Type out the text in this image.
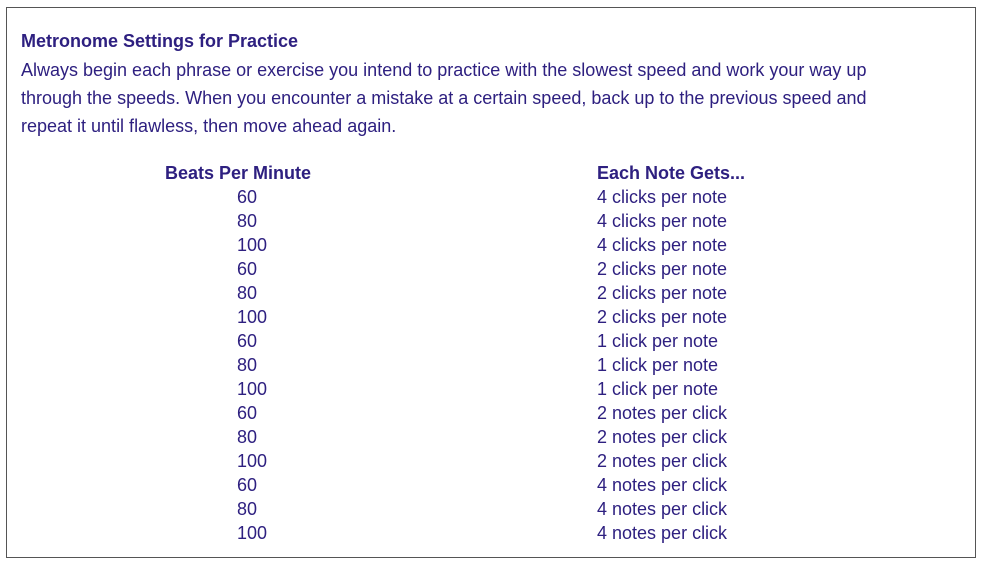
Metronome Settings for Practice

Always begin each phrase or exercise you intend to practice with the slowest speed and work your way up

through the speeds. When you encounter a mistake at a certain speed, back up to the previous speed and

repeat it until flawless, then move ahead again.

Beats Per Minute	Each Note Gets...
60	4 clicks per note
80	4 clicks per note
100	4 clicks per note
60	2 clicks per note
80	2 clicks per note
100	2 clicks per note
60	1 click per note
80	1 click per note
100	1 click per note
60	2 notes per click
80	2 notes per click
100	2 notes per click
60	4 notes per click
80	4 notes per click
100	4 notes per click
